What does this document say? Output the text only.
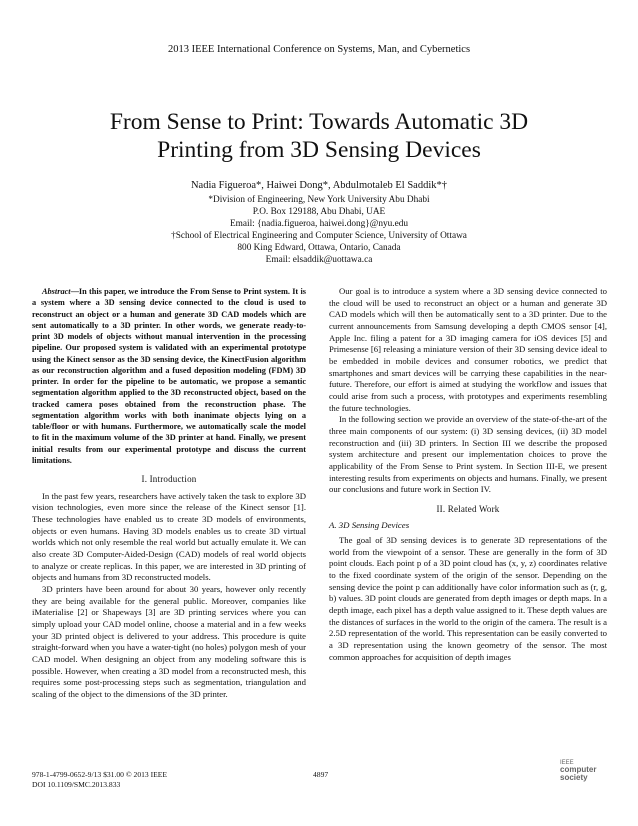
2013 IEEE International Conference on Systems, Man, and Cybernetics
From Sense to Print: Towards Automatic 3D
Printing from 3D Sensing Devices
Nadia Figueroa*, Haiwei Dong*, Abdulmotaleb El Saddik*†
*Division of Engineering, New York University Abu Dhabi
P.O. Box 129188, Abu Dhabi, UAE
Email: {nadia.figueroa, haiwei.dong}@nyu.edu
†School of Electrical Engineering and Computer Science, University of Ottawa
800 King Edward, Ottawa, Ontario, Canada
Email: elsaddik@uottawa.ca

Abstract—In this paper, we introduce the From Sense to Print system. It is a system where a 3D sensing device connected to the cloud is used to reconstruct an object or a human and generate 3D CAD models which are sent automatically to a 3D printer. In other words, we generate ready-to-print 3D models of objects without manual intervention in the processing pipeline. Our proposed system is validated with an experimental prototype using the Kinect sensor as the 3D sensing device, the KinectFusion algorithm as our reconstruction algorithm and a fused deposition modeling (FDM) 3D printer. In order for the pipeline to be automatic, we propose a semantic segmentation algorithm applied to the 3D reconstructed object, based on the tracked camera poses obtained from the reconstruction phase. The segmentation algorithm works with both inanimate objects lying on a table/floor or with humans. Furthermore, we automatically scale the model to fit in the maximum volume of the 3D printer at hand. Finally, we present initial results from our experimental prototype and discuss the current limitations.

I. Introduction

In the past few years, researchers have actively taken the task to explore 3D vision technologies, even more since the release of the Kinect sensor [1]. These technologies have enabled us to create 3D models of environments, objects or even humans. Having 3D models enables us to create 3D virtual worlds which not only resemble the real world but actually emulate it. We can also create 3D Computer-Aided-Design (CAD) models of real world objects to analyze or create replicas. In this paper, we are interested in 3D printing of objects and humans from 3D reconstructed models.

3D printers have been around for about 30 years, however only recently they are being available for the general public. Moreover, companies like iMaterialise [2] or Shapeways [3] are 3D printing services where you can simply upload your CAD model online, choose a material and in a few weeks your 3D printed object is delivered to your address. This procedure is quite straight-forward when you have a water-tight (no holes) polygon mesh of your CAD model. When designing an object from any modeling software this is possible. However, when creating a 3D model from a reconstructed mesh, this requires some post-processing steps such as segmentation, triangulation and scaling of the object to the dimensions of the 3D printer.

Our goal is to introduce a system where a 3D sensing device connected to the cloud will be used to reconstruct an object or a human and generate 3D CAD models which will then be automatically sent to a 3D printer. Due to the current announcements from Samsung developing a depth CMOS sensor [4], Apple Inc. filing a patent for a 3D imaging camera for iOS devices [5] and Primesense [6] releasing a miniature version of their 3D sensing device ideal to be embedded in mobile devices and consumer robotics, we predict that smartphones and smart devices will be carrying these capabilities in the near-future. Therefore, our effort is aimed at studying the workflow and issues that could arise from such a process, with prototypes and experiments resembling the future technologies.

In the following section we provide an overview of the state-of-the-art of the three main components of our system: (i) 3D sensing devices, (ii) 3D model reconstruction and (iii) 3D printers. In Section III we describe the proposed system architecture and present our implementation choices to prove the applicability of the From Sense to Print system. In Section III-E, we present interesting results from experiments on objects and humans. Finally, we present our conclusions and future work in Section IV.

II. Related Work
A. 3D Sensing Devices

The goal of 3D sensing devices is to generate 3D representations of the world from the viewpoint of a sensor. These are generally in the form of 3D point clouds. Each point p of a 3D point cloud has (x, y, z) coordinates relative to the fixed coordinate system of the origin of the sensor. Depending on the sensing device the point p can additionally have color information such as (r, g, b) values. 3D point clouds are generated from depth images or depth maps. In a depth image, each pixel has a depth value assigned to it. These depth values are the distances of surfaces in the world to the origin of the camera. The result is a 2.5D representation of the world. This representation can be easily converted to a 3D representation using the known geometry of the sensor. The most common approaches for acquisition of depth images

978-1-4799-0652-9/13 $31.00 © 2013 IEEE
DOI 10.1109/SMC.2013.833
4897
IEEE
computer
society
